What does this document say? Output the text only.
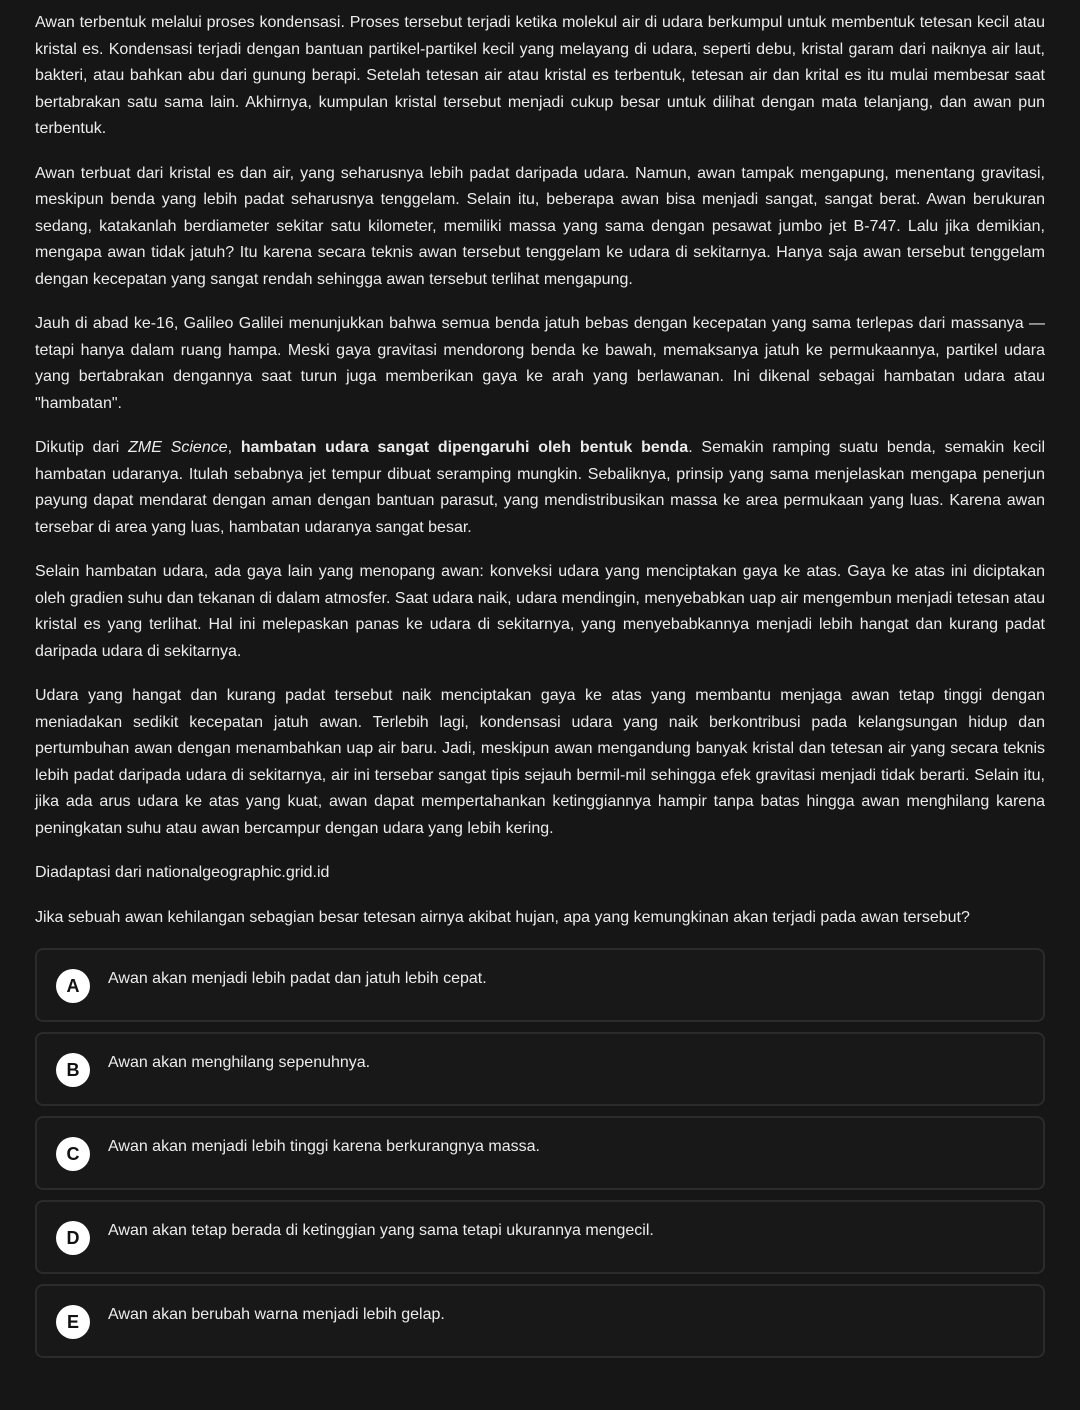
Awan terbentuk melalui proses kondensasi. Proses tersebut terjadi ketika molekul air di udara berkumpul untuk membentuk tetesan kecil atau kristal es. Kondensasi terjadi dengan bantuan partikel-partikel kecil yang melayang di udara, seperti debu, kristal garam dari naiknya air laut, bakteri, atau bahkan abu dari gunung berapi. Setelah tetesan air atau kristal es terbentuk, tetesan air dan krital es itu mulai membesar saat bertabrakan satu sama lain. Akhirnya, kumpulan kristal tersebut menjadi cukup besar untuk dilihat dengan mata telanjang, dan awan pun terbentuk.

Awan terbuat dari kristal es dan air, yang seharusnya lebih padat daripada udara. Namun, awan tampak mengapung, menentang gravitasi, meskipun benda yang lebih padat seharusnya tenggelam. Selain itu, beberapa awan bisa menjadi sangat, sangat berat. Awan berukuran sedang, katakanlah berdiameter sekitar satu kilometer, memiliki massa yang sama dengan pesawat jumbo jet B-747. Lalu jika demikian, mengapa awan tidak jatuh? Itu karena secara teknis awan tersebut tenggelam ke udara di sekitarnya. Hanya saja awan tersebut tenggelam dengan kecepatan yang sangat rendah sehingga awan tersebut terlihat mengapung.

Jauh di abad ke-16, Galileo Galilei menunjukkan bahwa semua benda jatuh bebas dengan kecepatan yang sama terlepas dari massanya — tetapi hanya dalam ruang hampa. Meski gaya gravitasi mendorong benda ke bawah, memaksanya jatuh ke permukaannya, partikel udara yang bertabrakan dengannya saat turun juga memberikan gaya ke arah yang berlawanan. Ini dikenal sebagai hambatan udara atau "hambatan".

Dikutip dari ZME Science, hambatan udara sangat dipengaruhi oleh bentuk benda. Semakin ramping suatu benda, semakin kecil hambatan udaranya. Itulah sebabnya jet tempur dibuat seramping mungkin. Sebaliknya, prinsip yang sama menjelaskan mengapa penerjun payung dapat mendarat dengan aman dengan bantuan parasut, yang mendistribusikan massa ke area permukaan yang luas. Karena awan tersebar di area yang luas, hambatan udaranya sangat besar.

Selain hambatan udara, ada gaya lain yang menopang awan: konveksi udara yang menciptakan gaya ke atas. Gaya ke atas ini diciptakan oleh gradien suhu dan tekanan di dalam atmosfer. Saat udara naik, udara mendingin, menyebabkan uap air mengembun menjadi tetesan atau kristal es yang terlihat. Hal ini melepaskan panas ke udara di sekitarnya, yang menyebabkannya menjadi lebih hangat dan kurang padat daripada udara di sekitarnya.

Udara yang hangat dan kurang padat tersebut naik menciptakan gaya ke atas yang membantu menjaga awan tetap tinggi dengan meniadakan sedikit kecepatan jatuh awan. Terlebih lagi, kondensasi udara yang naik berkontribusi pada kelangsungan hidup dan pertumbuhan awan dengan menambahkan uap air baru. Jadi, meskipun awan mengandung banyak kristal dan tetesan air yang secara teknis lebih padat daripada udara di sekitarnya, air ini tersebar sangat tipis sejauh bermil-mil sehingga efek gravitasi menjadi tidak berarti. Selain itu, jika ada arus udara ke atas yang kuat, awan dapat mempertahankan ketinggiannya hampir tanpa batas hingga awan menghilang karena peningkatan suhu atau awan bercampur dengan udara yang lebih kering.

Diadaptasi dari nationalgeographic.grid.id

Jika sebuah awan kehilangan sebagian besar tetesan airnya akibat hujan, apa yang kemungkinan akan terjadi pada awan tersebut?

A	Awan akan menjadi lebih padat dan jatuh lebih cepat.
B	Awan akan menghilang sepenuhnya.
C	Awan akan menjadi lebih tinggi karena berkurangnya massa.
D	Awan akan tetap berada di ketinggian yang sama tetapi ukurannya mengecil.
E	Awan akan berubah warna menjadi lebih gelap.
